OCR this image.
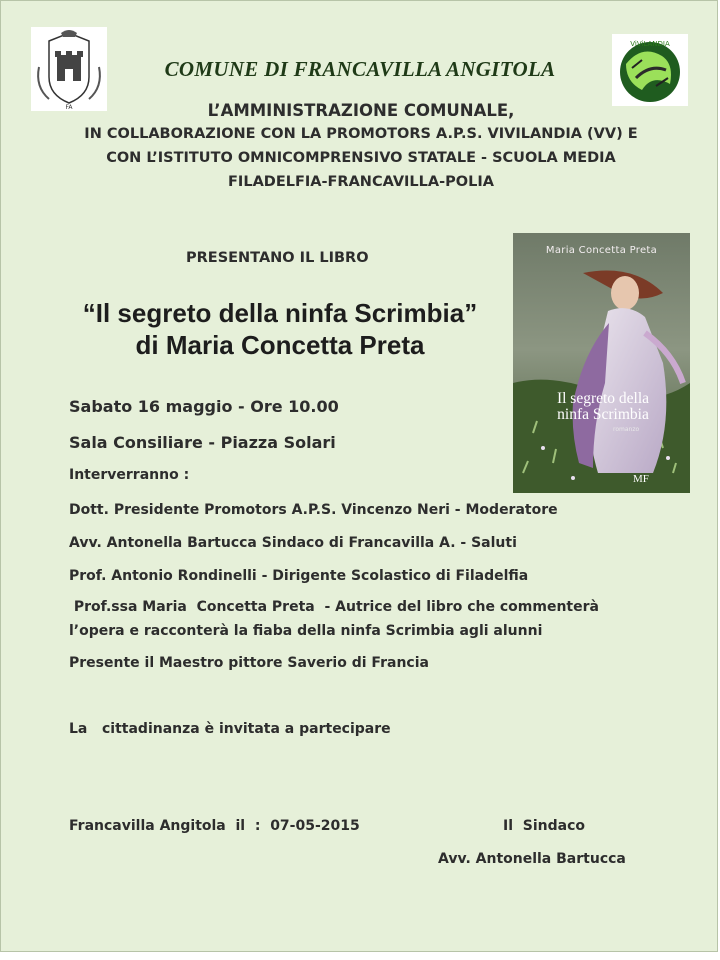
FA
ViViLANDIA
COMUNE DI FRANCAVILLA ANGITOLA
L’AMMINISTRAZIONE COMUNALE,
IN COLLABORAZIONE CON LA PROMOTORS A.P.S. VIVILANDIA (VV) E
CON L’ISTITUTO OMNICOMPRENSIVO STATALE - SCUOLA MEDIA
FILADELFIA-FRANCAVILLA-POLIA
PRESENTANO IL LIBRO
“Il segreto della ninfa Scrimbia”
di Maria Concetta Preta
Maria Concetta Preta
Il segreto della
ninfa Scrimbia
romanzo
MF
Sabato 16 maggio - Ore 10.00
Sala Consiliare - Piazza Solari
Interverranno :
Dott. Presidente Promotors A.P.S. Vincenzo Neri - Moderatore
Avv. Antonella Bartucca Sindaco di Francavilla A. - Saluti
Prof. Antonio Rondinelli - Dirigente Scolastico di Filadelfia
Prof.ssa Maria  Concetta Preta  - Autrice del libro che commenterà
l’opera e racconterà la fiaba della ninfa Scrimbia agli alunni
Presente il Maestro pittore Saverio di Francia
La   cittadinanza è invitata a partecipare
Francavilla Angitola  il  :  07-05-2015	Il  Sindaco
Avv. Antonella Bartucca
